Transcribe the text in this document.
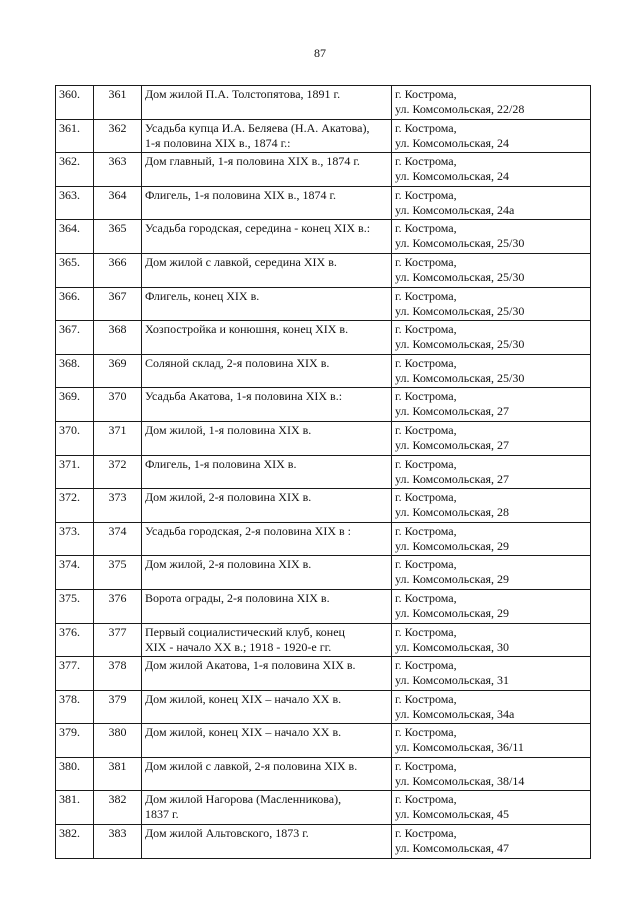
87
360.	361	Дом жилой П.А. Толстопятова, 1891 г.	г. Кострома,
ул. Комсомольская, 22/28

361.	362	Усадьба купца И.А. Беляева (Н.А. Акатова),
1-я половина XIX в., 1874 г.:	г. Кострома,
ул. Комсомольская, 24

362.	363	Дом главный, 1-я половина XIX в., 1874 г.	г. Кострома,
ул. Комсомольская, 24

363.	364	Флигель, 1-я половина XIX в., 1874 г.	г. Кострома,
ул. Комсомольская, 24а

364.	365	Усадьба городская, середина - конец XIX в.:	г. Кострома,
ул. Комсомольская, 25/30

365.	366	Дом жилой с лавкой, середина XIX в.	г. Кострома,
ул. Комсомольская, 25/30

366.	367	Флигель, конец XIX в.	г. Кострома,
ул. Комсомольская, 25/30

367.	368	Хозпостройка и конюшня, конец XIX в.	г. Кострома,
ул. Комсомольская, 25/30

368.	369	Соляной склад, 2-я половина XIX в.	г. Кострома,
ул. Комсомольская, 25/30

369.	370	Усадьба Акатова, 1-я половина XIX в.:	г. Кострома,
ул. Комсомольская, 27

370.	371	Дом жилой, 1-я половина XIX в.	г. Кострома,
ул. Комсомольская, 27

371.	372	Флигель, 1-я половина XIX в.	г. Кострома,
ул. Комсомольская, 27

372.	373	Дом жилой, 2-я половина XIX в.	г. Кострома,
ул. Комсомольская, 28

373.	374	Усадьба городская, 2-я половина XIX в :	г. Кострома,
ул. Комсомольская, 29

374.	375	Дом жилой, 2-я половина XIX в.	г. Кострома,
ул. Комсомольская, 29

375.	376	Ворота ограды, 2-я половина XIX в.	г. Кострома,
ул. Комсомольская, 29

376.	377	Первый социалистический клуб, конец
XIX - начало XX в.; 1918 - 1920-е гг.	г. Кострома,
ул. Комсомольская, 30

377.	378	Дом жилой Акатова, 1-я половина XIX в.	г. Кострома,
ул. Комсомольская, 31

378.	379	Дом жилой, конец XIX – начало XX в.	г. Кострома,
ул. Комсомольская, 34а

379.	380	Дом жилой, конец XIX – начало XX в.	г. Кострома,
ул. Комсомольская, 36/11

380.	381	Дом жилой с лавкой, 2-я половина XIX в.	г. Кострома,
ул. Комсомольская, 38/14

381.	382	Дом жилой Нагорова (Масленникова),
1837 г.	г. Кострома,
ул. Комсомольская, 45

382.	383	Дом жилой Альтовского, 1873 г.	г. Кострома,
ул. Комсомольская, 47
